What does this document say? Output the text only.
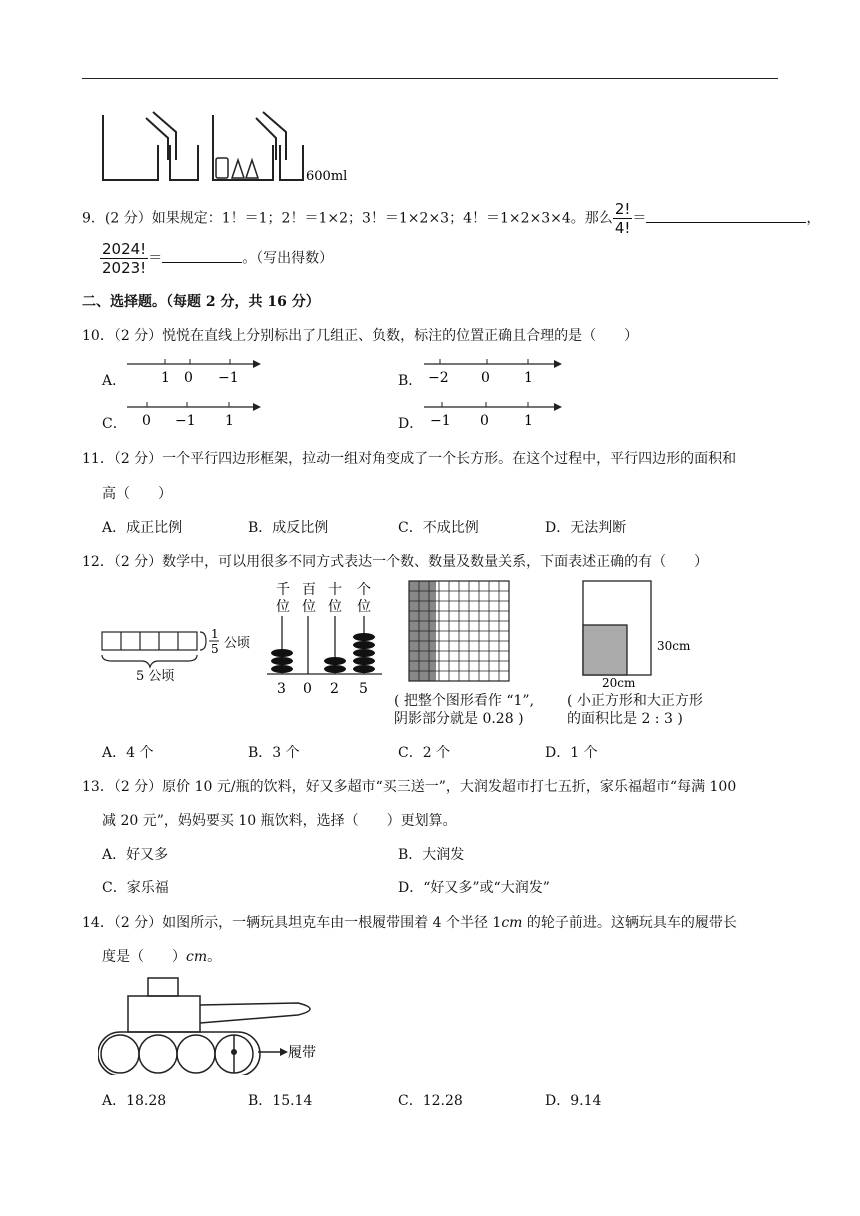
600ml
9．(2 分）如果规定：1！＝1；2！＝1×2；3！＝1×2×3；4！＝1×2×3×4。那么 $\frac{2!}{4!}$ ＝	，
$\frac{2024!}{2023!}$ ＝	。（写出得数）
二、选择题。（每题 2 分，共 16 分）
10．（2 分）悦悦在直线上分别标出了几组正、负数，标注的位置正确且合理的是（　　）
A． 1 0 −1	B． −2 0 1
C． 0 −1 1	D． −1 0	1
11．（2 分）一个平行四边形框架，拉动一组对角变成了一个长方形。在这个过程中，平行四边形的面积和
高（　　）
A．成正比例	B．成反比例	C．不成比例	D．无法判断
12．（2 分）数学中，可以用很多不同方式表达一个数、数量及数量关系，下面表述正确的有（　　）
1
5 公顷
5 公顷
千
位
百
位
十
位
个
位
3 0 2 5
( 把整个图形看作 “1”,
阴影部分就是 0.28 )
30cm
20cm
( 小正方形和大正方形
的面积比是 2 : 3 )
A．4 个	B．3 个	C．2 个	D．1 个
13．（2 分）原价 10 元/瓶的饮料，好又多超市“买三送一”，大润发超市打七五折，家乐福超市“每满 100
减 20 元”，妈妈要买 10 瓶饮料，选择（　　）更划算。
A．好又多	B．大润发
C．家乐福	D．“好又多”或“大润发”
14．（2 分）如图所示，一辆玩具坦克车由一根履带围着 4 个半径 1cm 的轮子前进。这辆玩具车的履带长
度是（　　）cm。
履带
A．18.28	B．15.14	C．12.28	D．9.14
